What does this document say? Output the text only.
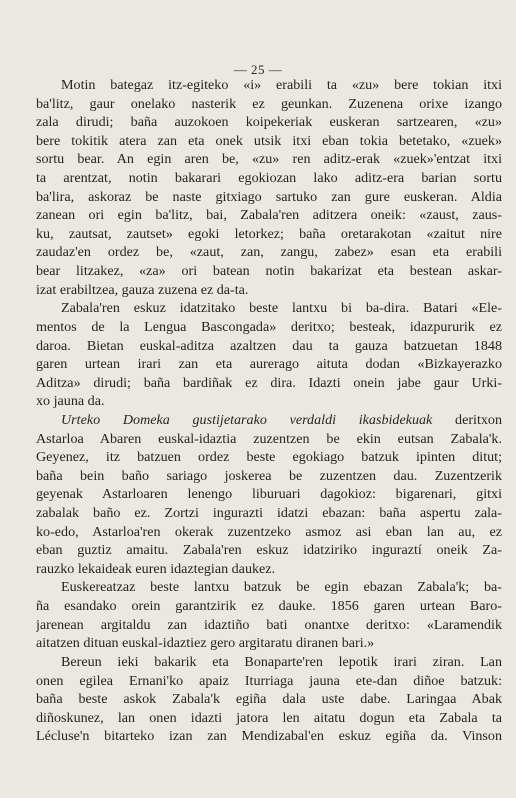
— 25 —
Motin bategaz itz-egiteko «i» erabili ta «zu» bere tokian itxi
ba'litz, gaur onelako nasterik ez geunkan. Zuzenena orixe izango
zala dirudi; baña auzokoen koipekeriak euskeran sartzearen, «zu»
bere tokitik atera zan eta onek utsik itxi eban tokia betetako, «zuek»
sortu bear. An egin aren be, «zu» ren aditz-erak «zuek»'entzat itxi
ta arentzat, notin bakarari egokiozan lako aditz-era barian sortu
ba'lira, askoraz be naste gitxiago sartuko zan gure euskeran. Aldia
zanean ori egin ba'litz, bai, Zabala'ren aditzera oneik: «zaust, zaus-
ku, zautsat, zautset» egoki letorkez; baña oretarakotan «zaitut nire
zaudaz'en ordez be, «zaut, zan, zangu, zabez» esan eta erabili
bear litzakez, «za» ori batean notin bakarizat eta bestean askar-
izat erabiltzea, gauza zuzena ez da-ta.
Zabala'ren eskuz idatzitako beste lantxu bi ba-dira. Batari «Ele-
mentos de la Lengua Bascongada» deritxo; besteak, idazpururik ez
daroa. Bietan euskal-aditza azaltzen dau ta gauza batzuetan 1848
garen urtean irari zan eta aurerago aituta dodan «Bizkayerazko
Aditza» dirudi; baña bardiñak ez dira. Idazti onein jabe gaur Urki-
xo jauna da.
Urteko Domeka gustijetarako verdaldi ikasbidekuak deritxon
Astarloa Abaren euskal-idaztia zuzentzen be ekin eutsan Zabala'k.
Geyenez, itz batzuen ordez beste egokiago batzuk ipinten ditut;
baña bein baño sariago joskerea be zuzentzen dau. Zuzentzerik
geyenak Astarloaren lenengo liburuari dagokioz: bigarenari, gitxi
zabalak baño ez. Zortzi ingurazti idatzi ebazan: baña aspertu zala-
ko-edo, Astarloa'ren okerak zuzentzeko asmoz asi eban lan au, ez
eban guztiz amaitu. Zabala'ren eskuz idatziriko inguraztí oneik Za-
rauzko lekaideak euren idaztegian daukez.
Euskereatzaz beste lantxu batzuk be egin ebazan Zabala'k; ba-
ña esandako orein garantzirik ez dauke. 1856 garen urtean Baro-
jarenean argitaldu zan idaztiño bati onantxe deritxo: «Laramendik
aitatzen dituan euskal-idaztiez gero argitaratu diranen bari.»
Bereun ieki bakarik eta Bonaparte'ren lepotik irari ziran. Lan
onen egilea Ernani'ko apaiz Iturriaga jauna ete-dan diñoe batzuk:
baña beste askok Zabala'k egiña dala uste dabe. Laringaa Abak
diñoskunez, lan onen idazti jatora len aitatu dogun eta Zabala ta
Lécluse'n bitarteko izan zan Mendizabal'en eskuz egiña da. Vinson
